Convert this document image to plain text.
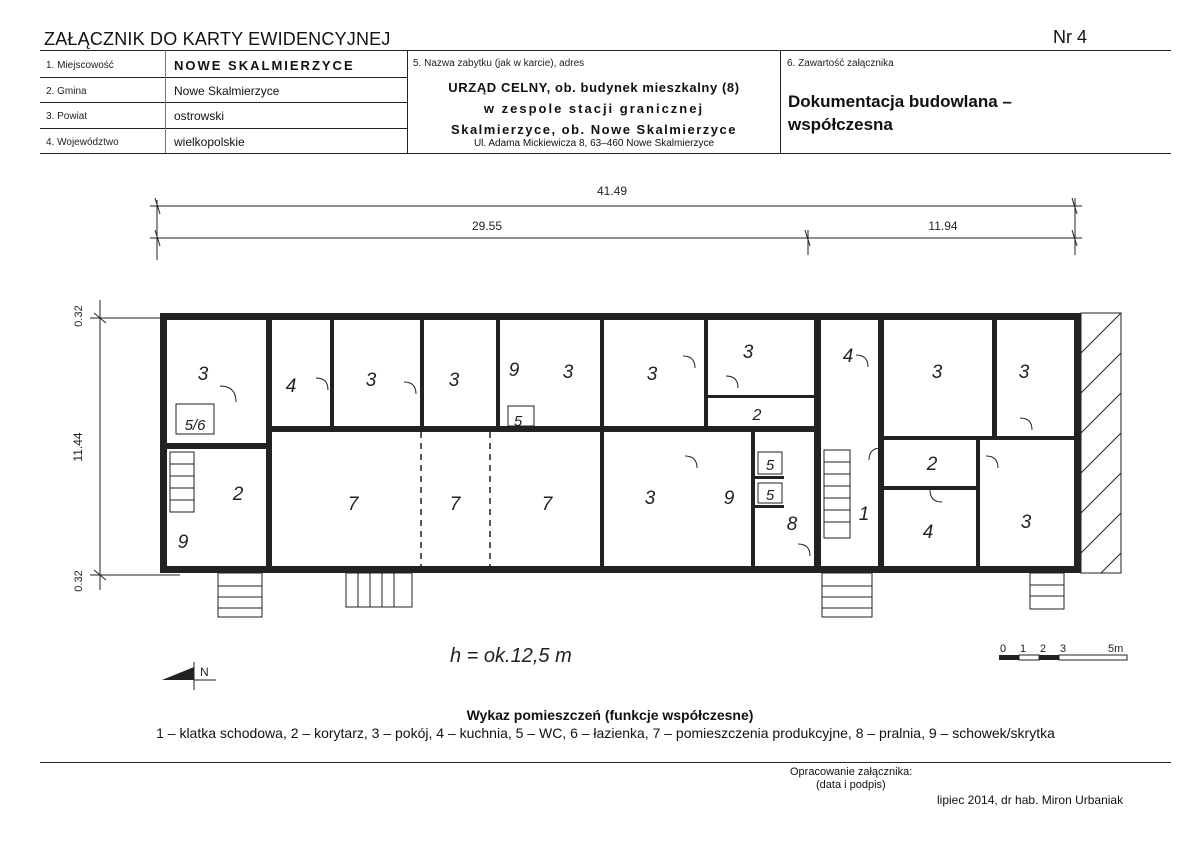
ZAŁĄCZNIK DO KARTY EWIDENCYJNEJ	Nr 4
1. Miejscowość	NOWE SKALMIERZYCE
2. Gmina	Nowe Skalmierzyce
3. Powiat	ostrowski
4. Województwo	wielkopolskie
5. Nazwa zabytku (jak w karcie), adres
URZĄD CELNY, ob. budynek mieszkalny (8)
w zespole stacji granicznej
Skalmierzyce, ob. Nowe Skalmierzyce
Ul. Adama Mickiewicza 8, 63–460 Nowe Skalmierzyce
6. Zawartość załącznika
Dokumentacja budowlana –
współczesna
41.49
29.55	11.94
11.44
0.32
0.32
3
4	3	3	9 3	3
3	4
3	3
5	2
5/6
2
9
7	7	7	3	9
5
5
8	1
2
4	3
h = ok.12,5 m
N
0 1 2 3	5m
Wykaz pomieszczeń (funkcje współczesne)
1 – klatka schodowa, 2 – korytarz, 3 – pokój, 4 – kuchnia, 5 – WC, 6 – łazienka, 7 – pomieszczenia produkcyjne, 8 – pralnia, 9 – schowek/skrytka
Opracowanie załącznika:
(data i podpis)
lipiec 2014, dr hab. Miron Urbaniak
